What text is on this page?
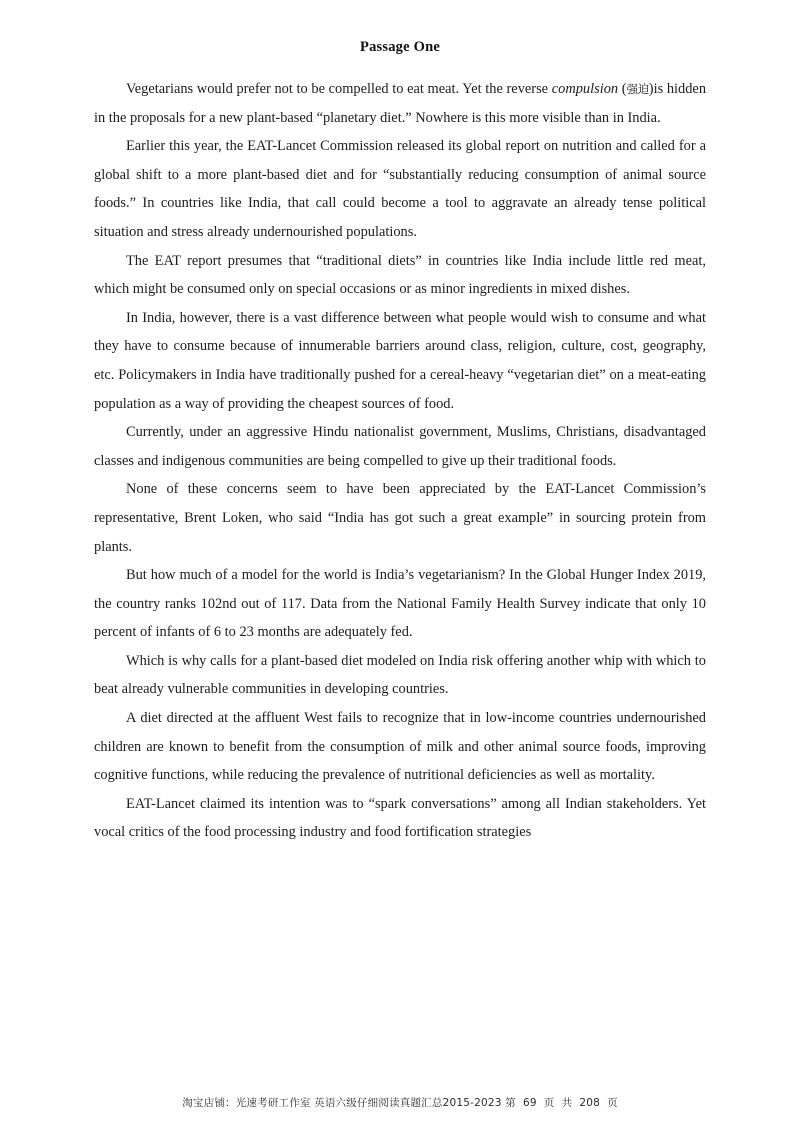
Passage One

Vegetarians would prefer not to be compelled to eat meat. Yet the reverse compulsion (强迫)is hidden in the proposals for a new plant-based “planetary diet.” Nowhere is this more visible than in India.

Earlier this year, the EAT-Lancet Commission released its global report on nutrition and called for a global shift to a more plant-based diet and for “substantially reducing consumption of animal source foods.” In countries like India, that call could become a tool to aggravate an already tense political situation and stress already undernourished populations.

The EAT report presumes that “traditional diets” in countries like India include little red meat, which might be consumed only on special occasions or as minor ingredients in mixed dishes.

In India, however, there is a vast difference between what people would wish to consume and what they have to consume because of innumerable barriers around class, religion, culture, cost, geography, etc. Policymakers in India have traditionally pushed for a cereal-heavy “vegetarian diet” on a meat-eating population as a way of providing the cheapest sources of food.

Currently, under an aggressive Hindu nationalist government, Muslims, Christians, disadvantaged classes and indigenous communities are being compelled to give up their traditional foods.

None of these concerns seem to have been appreciated by the EAT-Lancet Commission’s representative, Brent Loken, who said “India has got such a great example” in sourcing protein from plants.

But how much of a model for the world is India’s vegetarianism? In the Global Hunger Index 2019, the country ranks 102nd out of 117. Data from the National Family Health Survey indicate that only 10 percent of infants of 6 to 23 months are adequately fed.

Which is why calls for a plant-based diet modeled on India risk offering another whip with which to beat already vulnerable communities in developing countries.

A diet directed at the affluent West fails to recognize that in low-income countries undernourished children are known to benefit from the consumption of milk and other animal source foods, improving cognitive functions, while reducing the prevalence of nutritional deficiencies as well as mortality.

EAT-Lancet claimed its intention was to “spark conversations” among all Indian stakeholders. Yet vocal critics of the food processing industry and food fortification strategies

淘宝店铺：光速考研工作室 英语六级仔细阅读真题汇总2015-2023 第 69 页 共 208 页
